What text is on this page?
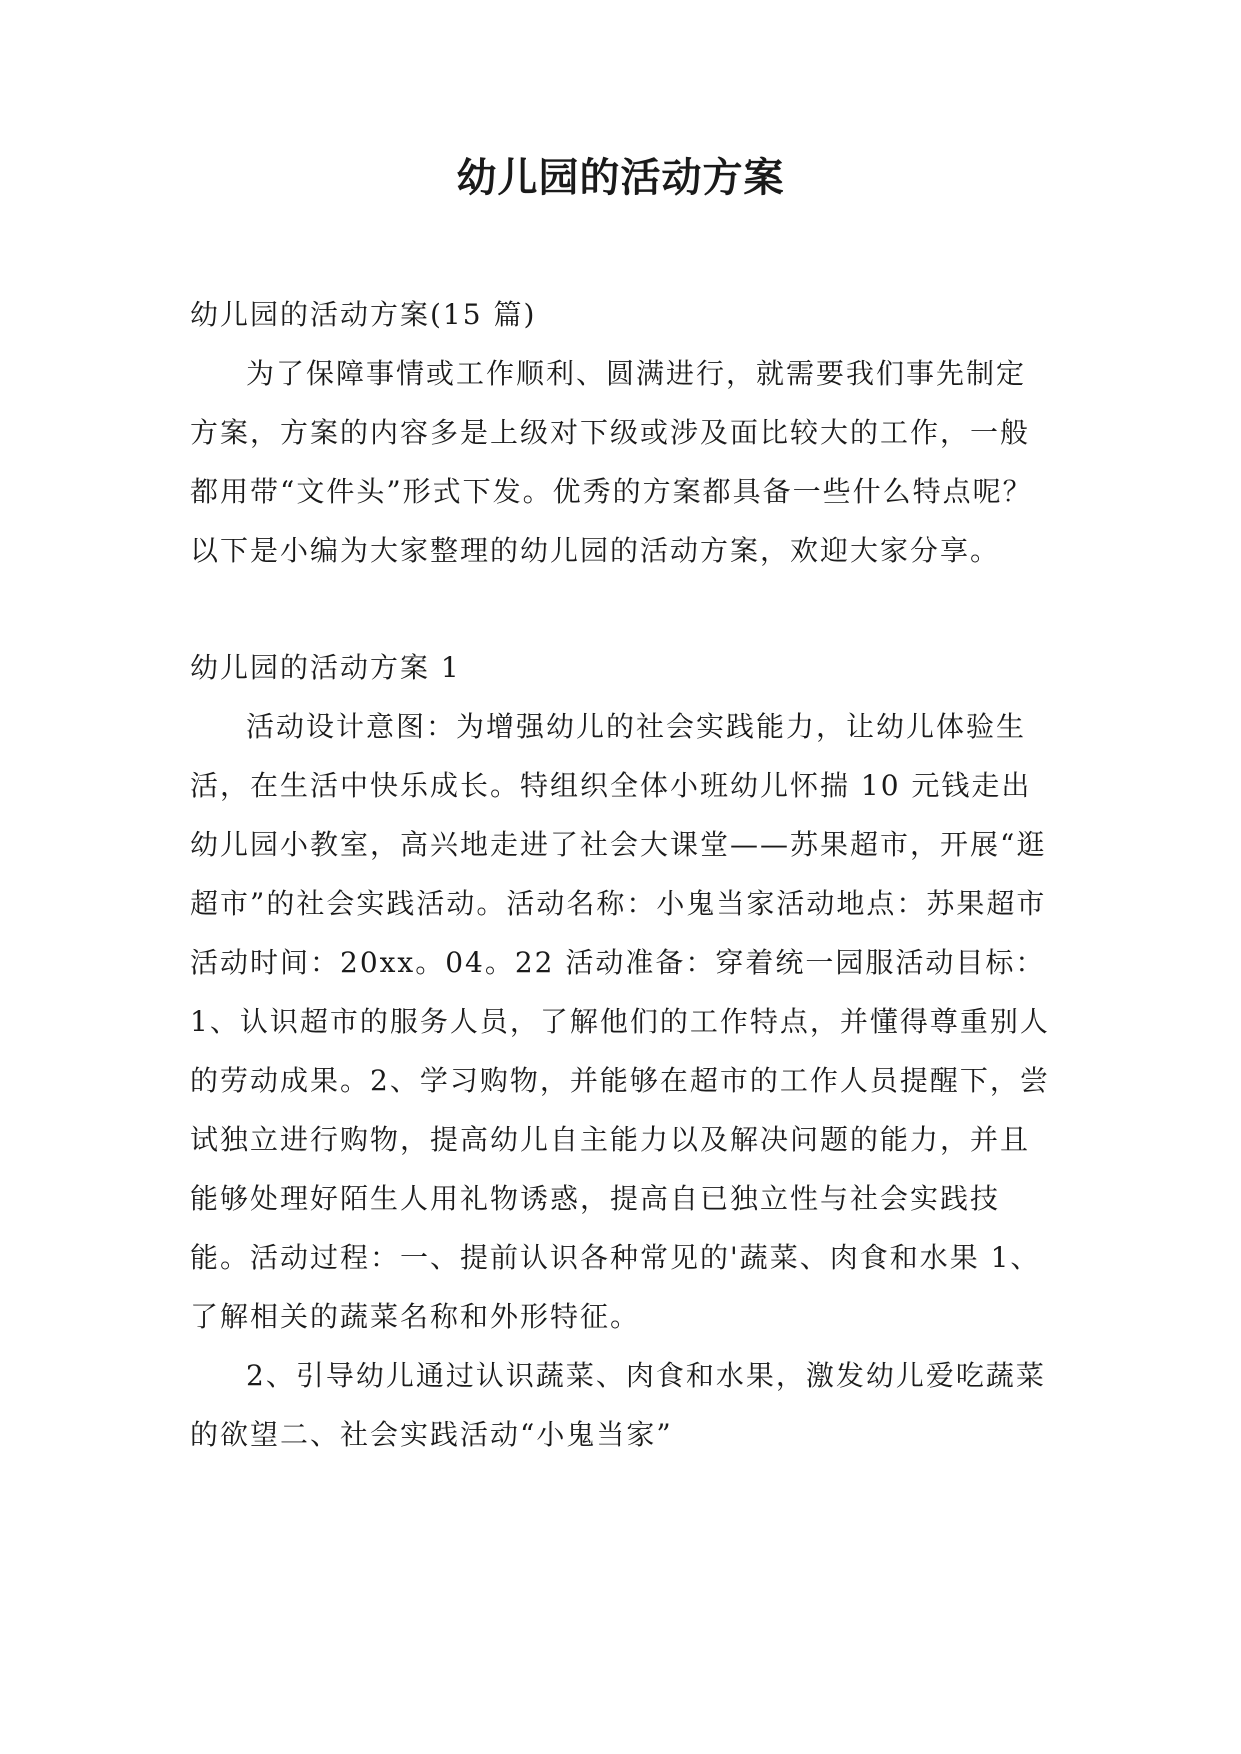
幼儿园的活动方案

幼儿园的活动方案(15 篇)

为了保障事情或工作顺利、圆满进行，就需要我们事先制定方案，方案的内容多是上级对下级或涉及面比较大的工作，一般都用带“文件头”形式下发。优秀的方案都具备一些什么特点呢？以下是小编为大家整理的幼儿园的活动方案，欢迎大家分享。

幼儿园的活动方案 1

活动设计意图：为增强幼儿的社会实践能力，让幼儿体验生活，在生活中快乐成长。特组织全体小班幼儿怀揣 10 元钱走出幼儿园小教室，高兴地走进了社会大课堂——苏果超市，开展“逛超市”的社会实践活动。活动名称：小鬼当家活动地点：苏果超市活动时间：20xx。04。22 活动准备：穿着统一园服活动目标：1、认识超市的服务人员，了解他们的工作特点，并懂得尊重别人的劳动成果。2、学习购物，并能够在超市的工作人员提醒下，尝试独立进行购物，提高幼儿自主能力以及解决问题的能力，并且能够处理好陌生人用礼物诱惑，提高自已独立性与社会实践技能。活动过程：一、提前认识各种常见的'蔬菜、肉食和水果 1、了解相关的蔬菜名称和外形特征。

2、引导幼儿通过认识蔬菜、肉食和水果，激发幼儿爱吃蔬菜的欲望二、社会实践活动“小鬼当家”
